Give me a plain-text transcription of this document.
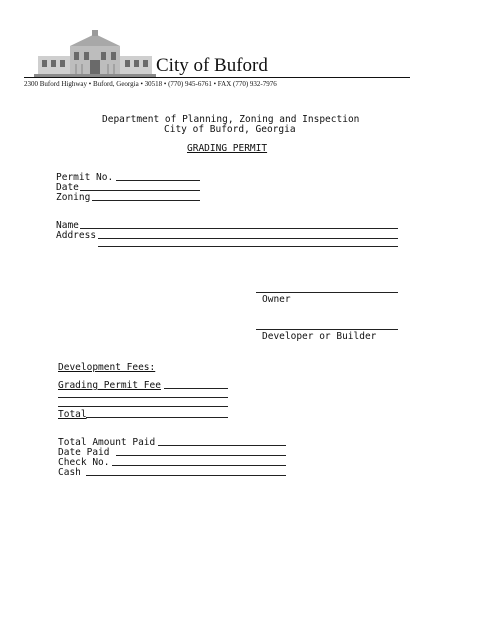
City of Buford
2300 Buford Highway • Buford, Georgia • 30518 • (770) 945-6761 • FAX (770) 932-7976
Department of Planning, Zoning and Inspection
City of Buford, Georgia
GRADING PERMIT
Permit No.
Date
Zoning
Name
Address
Owner
Developer or Builder
Development Fees:
Grading Permit Fee
Total
Total Amount Paid
Date Paid
Check No.
Cash
